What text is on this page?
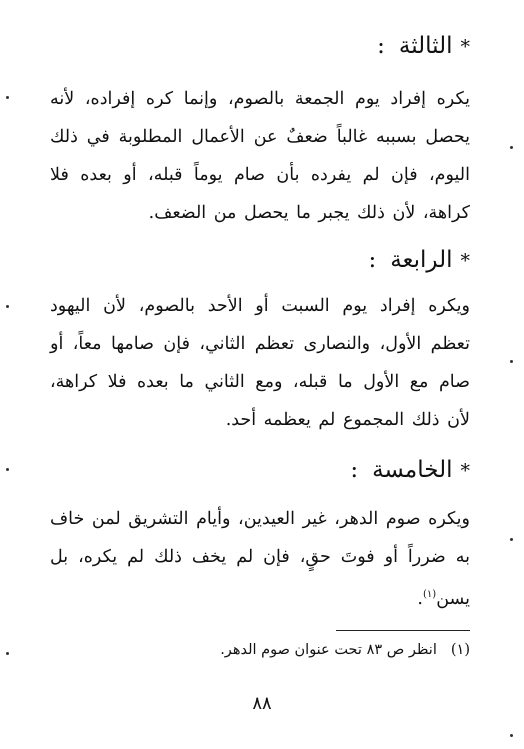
*الثالثة:

يكره إفراد يوم الجمعة بالصوم، وإنما كره إفراده، لأنه يحصل بسببه غالباً ضعفٌ عن الأعمال المطلوبة في ذلك اليوم، فإن لم يفرده بأن صام يوماً قبله، أو بعده فلا كراهة، لأن ذلك يجبر ما يحصل من الضعف.

*الرابعة:

ويكره إفراد يوم السبت أو الأحد بالصوم، لأن اليهود تعظم الأول، والنصارى تعظم الثاني، فإن صامها معاً، أو صام مع الأول ما قبله، ومع الثاني ما بعده فلا كراهة، لأن ذلك المجموع لم يعظمه أحد.

*الخامسة:

ويكره صوم الدهر، غير العيدين، وأيام التشريق لمن خاف به ضرراً أو فوتَ حقٍ، فإن لم يخف ذلك لم يكره، بل يسن$^{(١)}$.

(١)انظر ص ٨٣ تحت عنوان صوم الدهر.
٨٨
